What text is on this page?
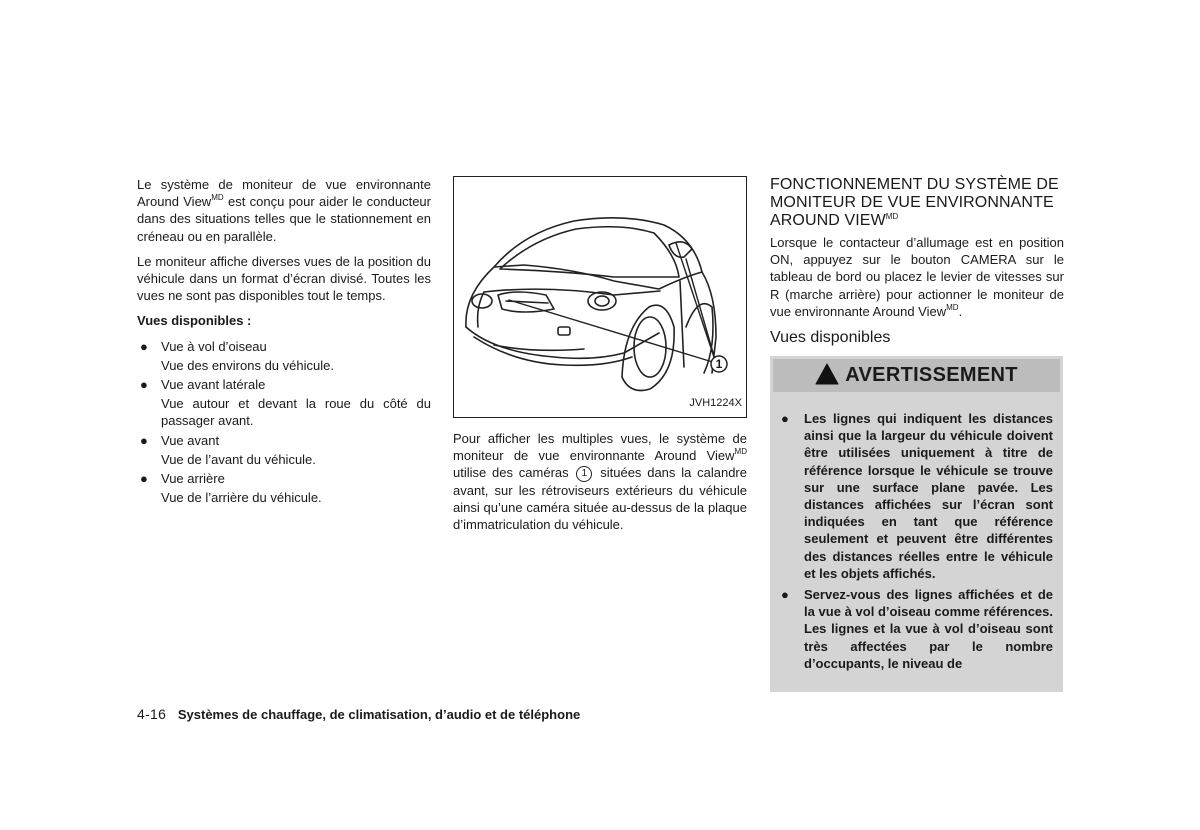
Le système de moniteur de vue environnante Around View$^{MD}$ est conçu pour aider le conducteur dans des situations telles que le stationnement en créneau ou en parallèle.

Le moniteur affiche diverses vues de la position du véhicule dans un format d’écran divisé. Toutes les vues ne sont pas disponibles tout le temps.

Vues disponibles :

● Vue à vol d’oiseau
Vue des environs du véhicule.
● Vue avant latérale
Vue autour et devant la roue du côté du passager avant.
● Vue avant
Vue de l’avant du véhicule.
● Vue arrière
Vue de l’arrière du véhicule.
1
JVH1224X

Pour afficher les multiples vues, le système de moniteur de vue environnante Around View$^{MD}$ utilise des caméras 1 situées dans la calandre avant, sur les rétroviseurs extérieurs du véhicule ainsi qu’une caméra située au-dessus de la plaque d’immatriculation du véhicule.

FONCTIONNEMENT DU SYSTÈME DE MONITEUR DE VUE ENVIRONNANTE AROUND $VIEW^{MD}$

Lorsque le contacteur d’allumage est en position ON, appuyez sur le bouton CAMERA sur le tableau de bord ou placez le levier de vitesses sur R (marche arrière) pour actionner le moniteur de vue environnante Around View$^{MD}$.

Vues disponibles
AVERTISSEMENT
● Les lignes qui indiquent les distances ainsi que la largeur du véhicule doivent être utilisées uniquement à titre de référence lorsque le véhicule se trouve sur une surface plane pavée. Les distances affichées sur l’écran sont indiquées en tant que référence seulement et peuvent être différentes des distances réelles entre le véhicule et les objets affichés.
● Servez-vous des lignes affichées et de la vue à vol d’oiseau comme références. Les lignes et la vue à vol d’oiseau sont très affectées par le nombre d’occupants, le niveau de
4-16 Systèmes de chauffage, de climatisation, d’audio et de téléphone
